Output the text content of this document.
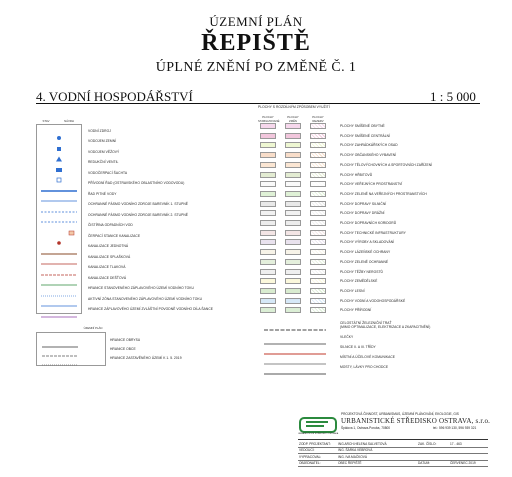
ÚZEMNÍ PLÁN
ŘEPIŠTĚ
ÚPLNÉ ZNĚNÍ PO ZMĚNĚ Č. 1
4. VODNÍ HOSPODÁŘSTVÍ	1 : 5 000
STAV	NÁVRH
VODNÍ ZDROJ
VODOJEM ZEMNÍ
VODOJEM VĚŽOVÝ
REDUKČNÍ VENTIL
VODOČERPACÍ ŠACHTA
PŘÍVODNÍ ŘAD (OSTRAVSKÉHO OBLASTNÍHO VODOVODU)
ŘAD PITNÉ VODY
OCHRANNÉ PÁSMO VODNÍHO ZDROJE BAREVNÍK 1. STUPNĚ
OCHRANNÉ PÁSMO VODNÍHO ZDROJE BAREVNÍK 2. STUPNĚ
ČISTÍRNA ODPADNÍCH VOD
ČERPACÍ STANICE KANALIZACE
KANALIZACE JEDNOTNÁ
KANALIZACE SPLAŠKOVÁ
KANALIZACE TLAKOVÁ
KANALIZACE DEŠŤOVÁ
HRANICE STANOVENÉHO ZÁPLAVOVÉHO ÚZEMÍ VODNÍHO TOKU
AKTIVNÍ ZÓNA STANOVENÉHO ZÁPLAVOVÉHO ÚZEMÍ VODNÍHO TOKU
HRANICE ZÁPLAVOVÉHO ÚZEMÍ ZVLÁŠTNÍ POVODNĚ VODNÍHO DÍLA ŠANCE
ÚZEMNÍ PLÁN
HRANICE OBRYSU
HRANICE OBCE
HRANICE ZASTAVĚNÉHO ÚZEMÍ K 1. 5. 2019
PLOCHY S ROZDÍLNÝM ZPŮSOBEM VYUŽITÍ
PLOCHY STABILIZOVANÉ
PLOCHY ZMĚN
PLOCHY REZERV
PLOCHY SMÍŠENÉ OBYTNÉ
PLOCHY SMÍŠENÉ CENTRÁLNÍ
PLOCHY ZAHRÁDKÁŘSKÝCH OSAD
PLOCHY OBČANSKÉHO VYBAVENÍ
PLOCHY TĚLOVÝCHOVNÝCH A SPORTOVNÍCH ZAŘÍZENÍ
PLOCHY HŘBITOVŮ
PLOCHY VEŘEJNÝCH PROSTRANSTVÍ
PLOCHY ZELENĚ NA VEŘEJNÝCH PROSTRANSTVÍCH
PLOCHY DOPRAVY SILNIČNÍ
PLOCHY DOPRAVY DRÁŽNÍ
PLOCHY DOPRAVNÍCH KORIDORŮ
PLOCHY TECHNICKÉ INFRASTRUKTURY
PLOCHY VÝROBY A SKLADOVÁNÍ
PLOCHY LÁZEŇSKÉ OCHRANY
PLOCHY ZELENĚ OCHRANNÉ
PLOCHY TĚŽBY NEROSTŮ
PLOCHY ZEMĚDĚLSKÉ
PLOCHY LESNÍ
PLOCHY VODNÍ A VODOHOSPODÁŘSKÉ
PLOCHY PŘÍRODNÍ
CELOSTÁTNÍ ŽELEZNIČNÍ TRAŤ
(MIMO OPTIMALIZACE, ELEKTRIZACE A ZKAPACITNĚNÍ)
VLEČKY
SILNICE II. A III. TŘÍDY
MÍSTNÍ A ÚČELOVÉ KOMUNIKACE
MOSTY, LÁVKY PRO CHODCE
PROJEKTOVÁ ČINNOST, URBANISMUS, ÚZEMNÍ PLÁNOVÁNÍ, EKOLOGIE, GIS
URBANISTICKÉ STŘEDISKO OSTRAVA
URBANISTICKÉ STŘEDISKO OSTRAVA, s.r.o.
Špálova 1, Ostrava-Poruba, 70800	tel.: 596 939 130, 596 939 321
ZODP. PROJEKTANT: ING.ARCH.HELENA SALVETOVÁ	ZAK. ČÍSLO:	17 - 463
VEDOUCÍ:	ING. ŠÁRKA VEBROVÁ
VYPRACOVAL:	ING. IVA MAČKOVÁ
OBJEDNATEL:	OBEC ŘEPIŠTĚ	DATUM:	ČERVENEC 2019
